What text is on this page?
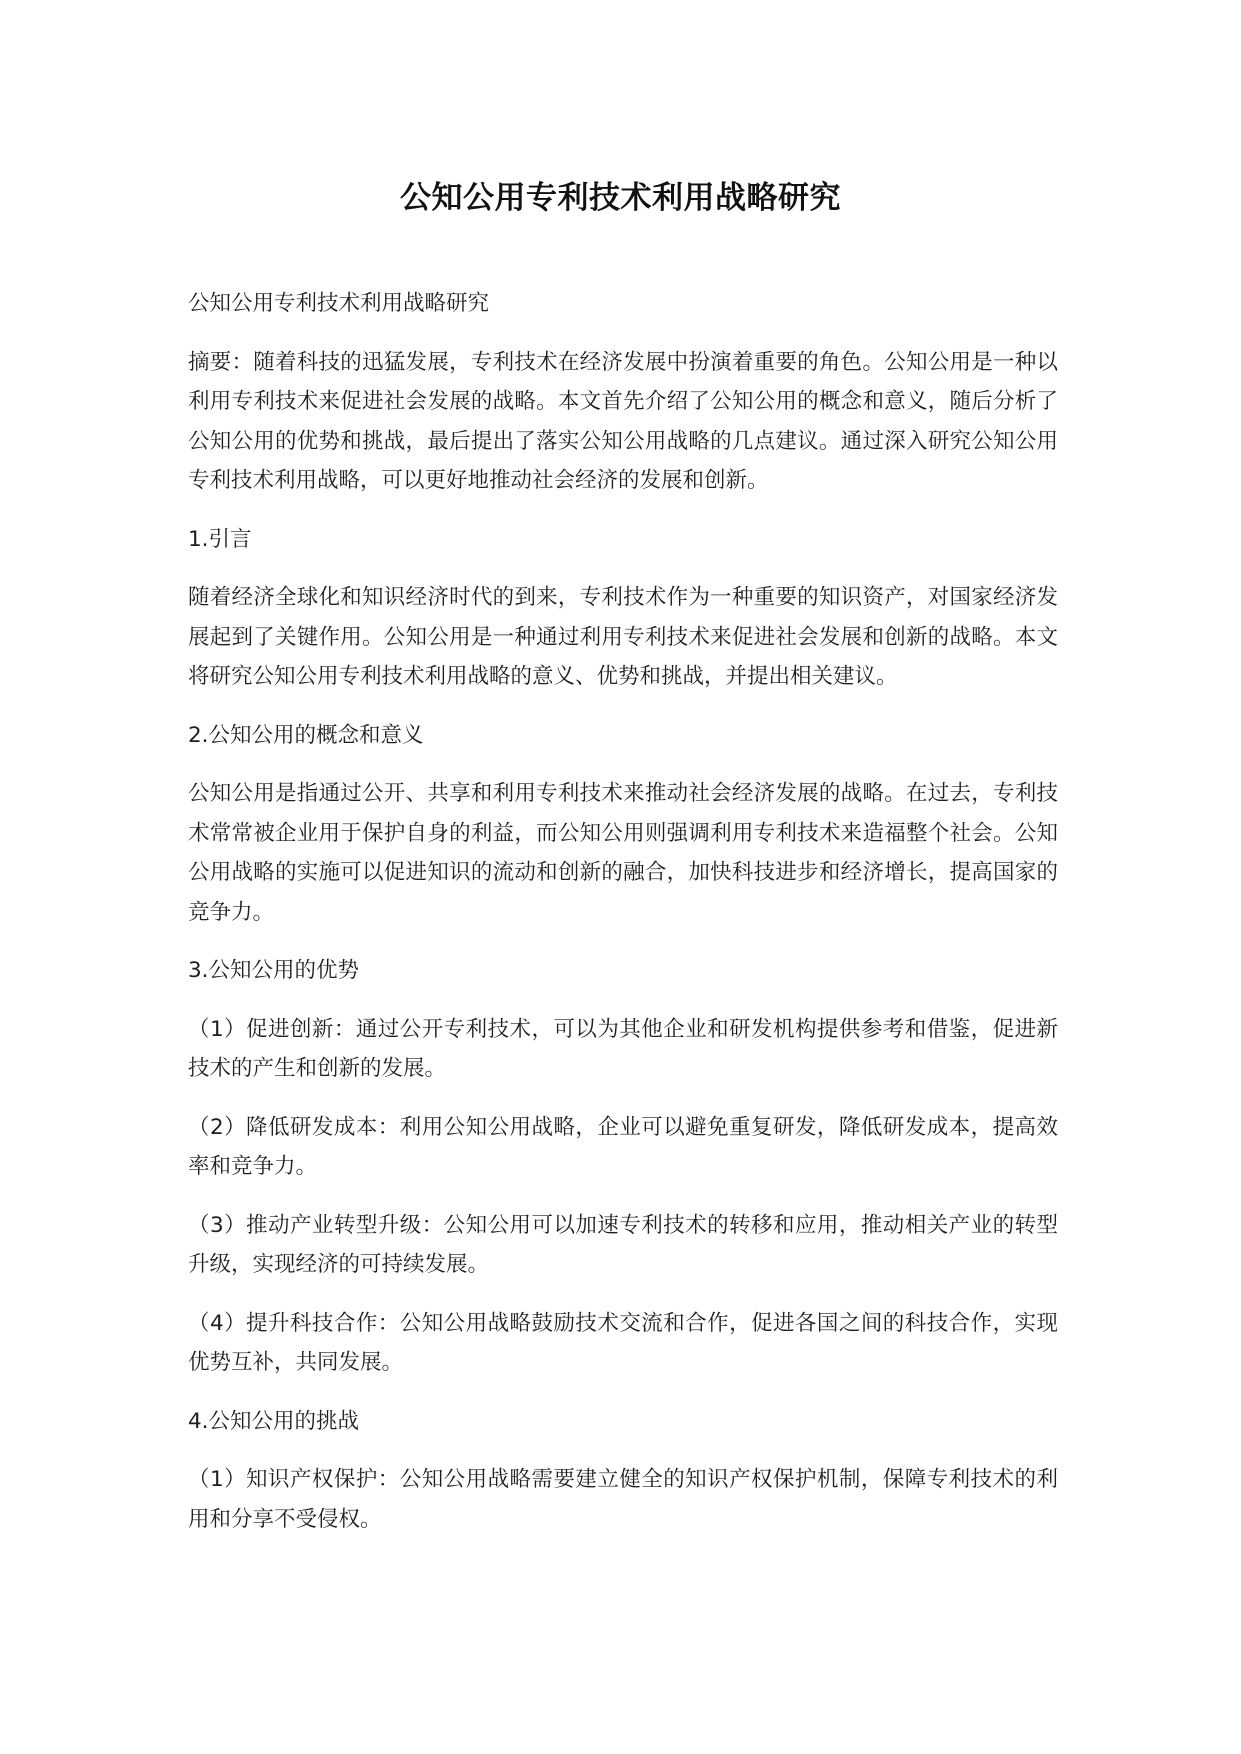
公知公用专利技术利用战略研究
公知公用专利技术利用战略研究
摘要：随着科技的迅猛发展，专利技术在经济发展中扮演着重要的角色。公知公用是一种以利用专利技术来促进社会发展的战略。本文首先介绍了公知公用的概念和意义，随后分析了公知公用的优势和挑战，最后提出了落实公知公用战略的几点建议。通过深入研究公知公用专利技术利用战略，可以更好地推动社会经济的发展和创新。
1.引言
随着经济全球化和知识经济时代的到来，专利技术作为一种重要的知识资产，对国家经济发展起到了关键作用。公知公用是一种通过利用专利技术来促进社会发展和创新的战略。本文将研究公知公用专利技术利用战略的意义、优势和挑战，并提出相关建议。
2.公知公用的概念和意义
公知公用是指通过公开、共享和利用专利技术来推动社会经济发展的战略。在过去，专利技术常常被企业用于保护自身的利益，而公知公用则强调利用专利技术来造福整个社会。公知公用战略的实施可以促进知识的流动和创新的融合，加快科技进步和经济增长，提高国家的竞争力。
3.公知公用的优势
（1）促进创新：通过公开专利技术，可以为其他企业和研发机构提供参考和借鉴，促进新技术的产生和创新的发展。
（2）降低研发成本：利用公知公用战略，企业可以避免重复研发，降低研发成本，提高效率和竞争力。
（3）推动产业转型升级：公知公用可以加速专利技术的转移和应用，推动相关产业的转型升级，实现经济的可持续发展。
（4）提升科技合作：公知公用战略鼓励技术交流和合作，促进各国之间的科技合作，实现优势互补，共同发展。
4.公知公用的挑战
（1）知识产权保护：公知公用战略需要建立健全的知识产权保护机制，保障专利技术的利用和分享不受侵权。
